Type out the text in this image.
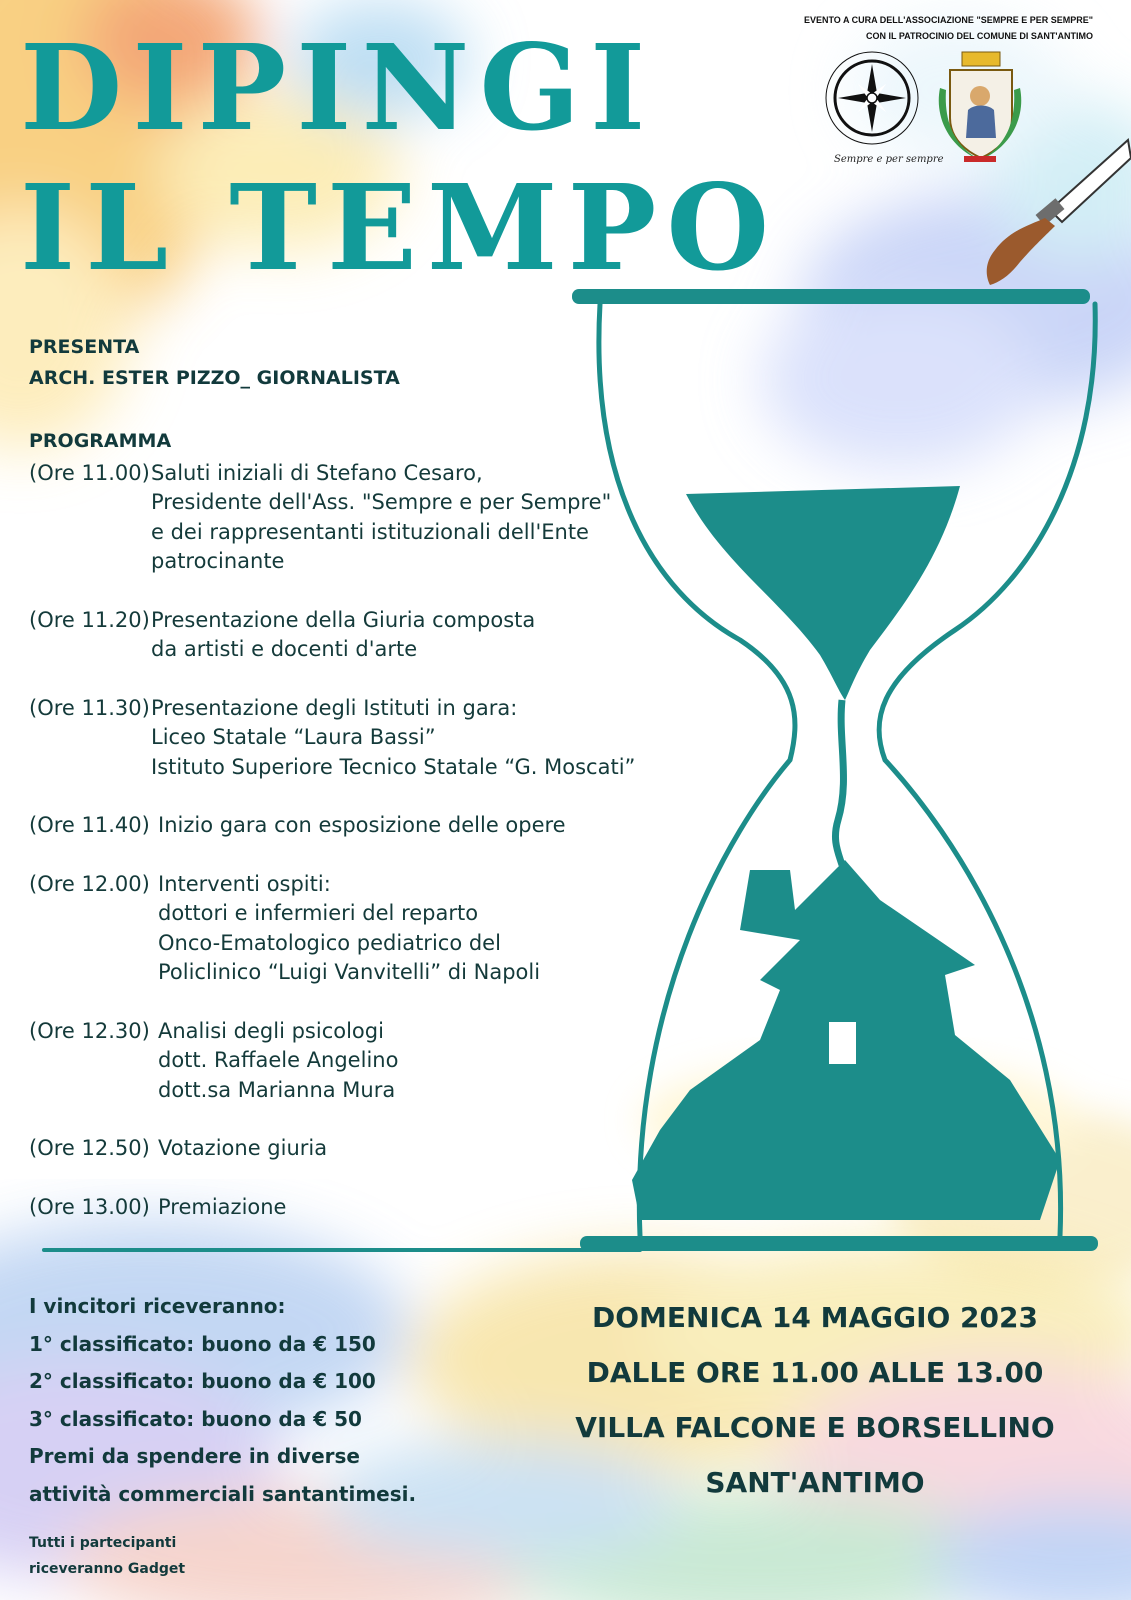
DIPINGI
IL TEMPO
EVENTO A CURA DELL'ASSOCIAZIONE "SEMPRE E PER SEMPRE"
CON IL PATROCINIO DEL COMUNE DI SANT'ANTIMO
Sempre e per sempre
PRESENTA
ARCH. ESTER PIZZO_ GIORNALISTA
PROGRAMMA
(Ore 11.00) Saluti iniziali di Stefano Cesaro,
Presidente dell'Ass. "Sempre e per Sempre"
e dei rappresentanti istituzionali dell'Ente
patrocinante
(Ore 11.20) Presentazione della Giuria composta
da artisti e docenti d'arte
(Ore 11.30) Presentazione degli Istituti in gara:
Liceo Statale “Laura Bassi”
Istituto Superiore Tecnico Statale “G. Moscati”
(Ore 11.40) Inizio gara con esposizione delle opere
(Ore 12.00) Interventi ospiti:
dottori e infermieri del reparto
Onco-Ematologico pediatrico del
Policlinico “Luigi Vanvitelli” di Napoli
(Ore 12.30) Analisi degli psicologi
dott. Raffaele Angelino
dott.sa Marianna Mura
(Ore 12.50) Votazione giuria
(Ore 13.00) Premiazione
I vincitori riceveranno:
1° classificato: buono da € 150
2° classificato: buono da € 100
3° classificato: buono da € 50
Premi da spendere in diverse
attività commerciali santantimesi.
Tutti i partecipanti
riceveranno Gadget
DOMENICA 14 MAGGIO 2023
DALLE ORE 11.00 ALLE 13.00
VILLA FALCONE E BORSELLINO
SANT'ANTIMO
